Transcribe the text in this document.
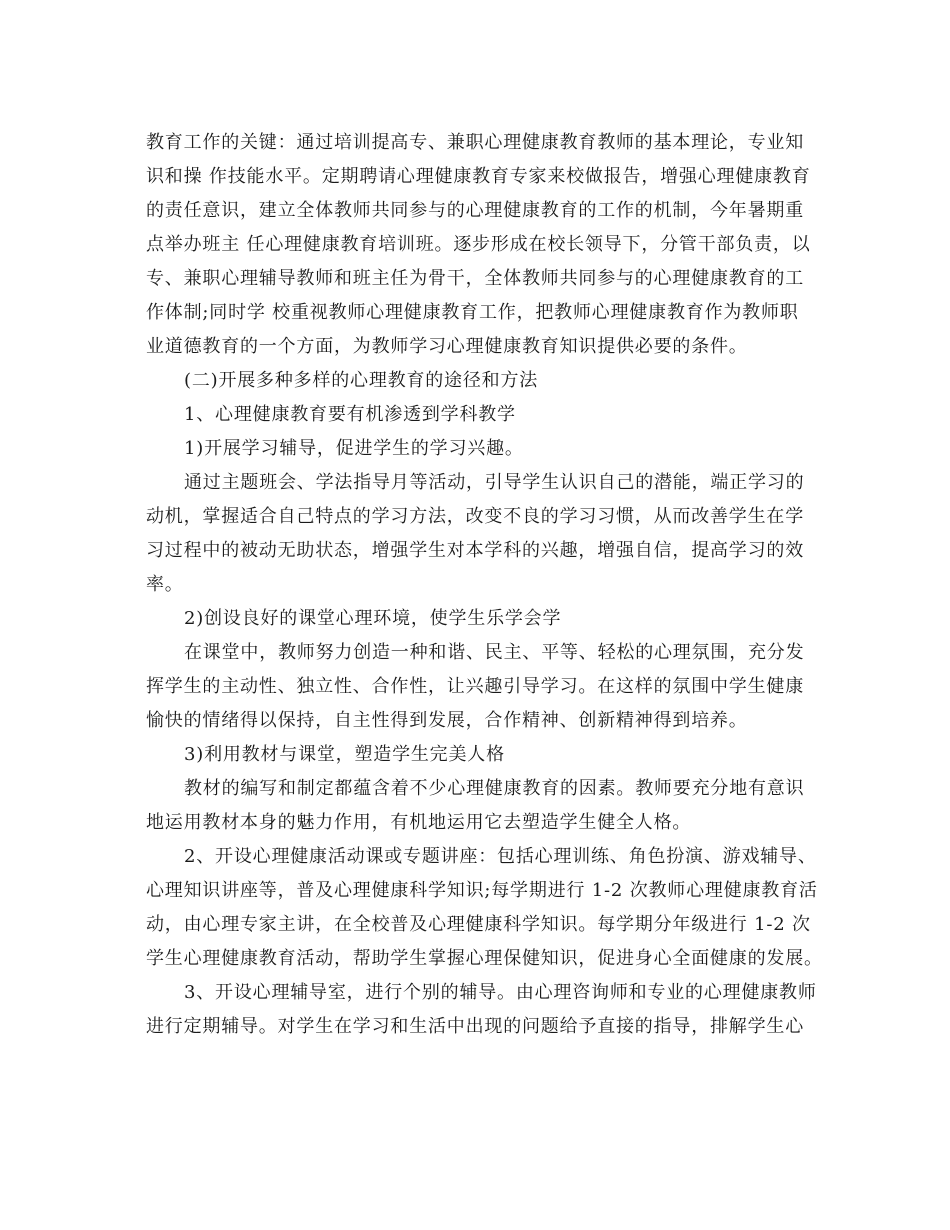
教育工作的关键：通过培训提高专、兼职心理健康教育教师的基本理论，专业知
识和操 作技能水平。定期聘请心理健康教育专家来校做报告，增强心理健康教育
的责任意识，建立全体教师共同参与的心理健康教育的工作的机制，今年暑期重
点举办班主 任心理健康教育培训班。逐步形成在校长领导下，分管干部负责，以
专、兼职心理辅导教师和班主任为骨干，全体教师共同参与的心理健康教育的工
作体制;同时学 校重视教师心理健康教育工作，把教师心理健康教育作为教师职
业道德教育的一个方面，为教师学习心理健康教育知识提供必要的条件。
(二)开展多种多样的心理教育的途径和方法
1、心理健康教育要有机渗透到学科教学
1)开展学习辅导，促进学生的学习兴趣。
通过主题班会、学法指导月等活动，引导学生认识自己的潜能，端正学习的
动机，掌握适合自己特点的学习方法，改变不良的学习习惯，从而改善学生在学
习过程中的被动无助状态，增强学生对本学科的兴趣，增强自信，提高学习的效
率。
2)创设良好的课堂心理环境，使学生乐学会学
在课堂中，教师努力创造一种和谐、民主、平等、轻松的心理氛围，充分发
挥学生的主动性、独立性、合作性，让兴趣引导学习。在这样的氛围中学生健康
愉快的情绪得以保持，自主性得到发展，合作精神、创新精神得到培养。
3)利用教材与课堂，塑造学生完美人格
教材的编写和制定都蕴含着不少心理健康教育的因素。教师要充分地有意识
地运用教材本身的魅力作用，有机地运用它去塑造学生健全人格。
2、开设心理健康活动课或专题讲座：包括心理训练、角色扮演、游戏辅导、
心理知识讲座等，普及心理健康科学知识;每学期进行 1-2 次教师心理健康教育活
动，由心理专家主讲，在全校普及心理健康科学知识。每学期分年级进行 1-2 次
学生心理健康教育活动，帮助学生掌握心理保健知识，促进身心全面健康的发展。
3、开设心理辅导室，进行个别的辅导。由心理咨询师和专业的心理健康教师
进行定期辅导。对学生在学习和生活中出现的问题给予直接的指导，排解学生心
